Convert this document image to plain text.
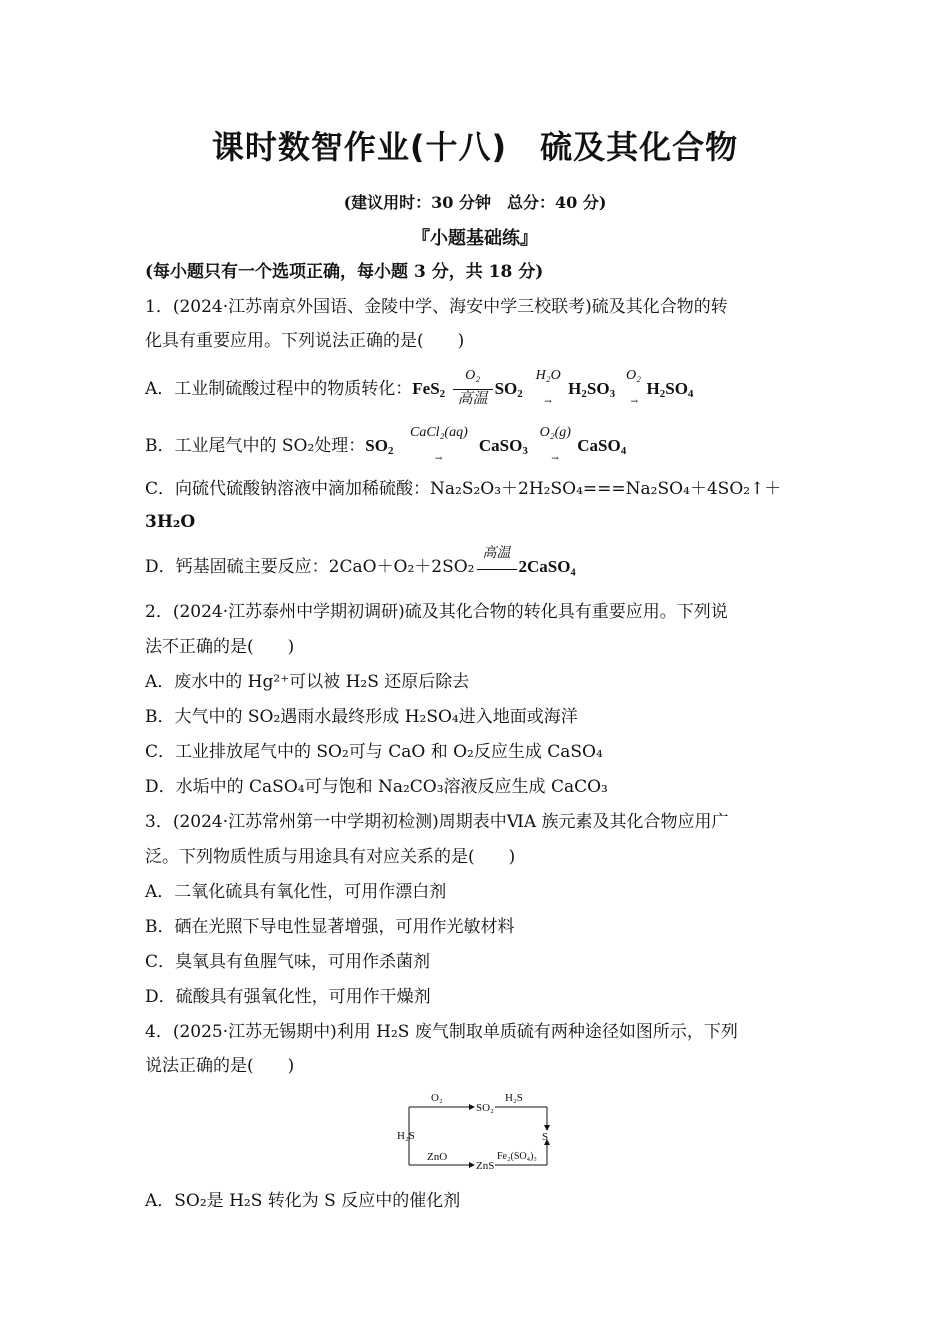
课时数智作业(十八)　硫及其化合物
(建议用时：30 分钟　总分：40 分)
『小题基础练』
(每小题只有一个选项正确，每小题 3 分，共 18 分)
1．(2024·江苏南京外国语、金陵中学、海安中学三校联考)硫及其化合物的转
化具有重要应用。下列说法正确的是(　　)
A．工业制硫酸过程中的物质转化：FeS$_2$
O₂
高温 $SO_2$
H₂O
→
$H_2SO_3$
O₂
→
$H_2SO_4$
B．工业尾气中的 SO₂处理：$SO_2$
CaCl₂(aq)
→
CaSO$_3$
O₂(g)
→
CaSO$_4$
C．向硫代硫酸钠溶液中滴加稀硫酸：Na₂S₂O₃＋2H₂SO₄===Na₂SO₄＋4SO₂↑＋
3H₂O
D．钙基固硫主要反应：2CaO＋O₂＋2SO₂
高温
2CaSO₄
2．(2024·江苏泰州中学期初调研)硫及其化合物的转化具有重要应用。下列说
法不正确的是(　　)
A．废水中的 Hg²⁺可以被 H₂S 还原后除去
B．大气中的 SO₂遇雨水最终形成 H₂SO₄进入地面或海洋
C．工业排放尾气中的 SO₂可与 CaO 和 O₂反应生成 CaSO₄
D．水垢中的 CaSO₄可与饱和 Na₂CO₃溶液反应生成 CaCO₃
3．(2024·江苏常州第一中学期初检测)周期表中ⅥA 族元素及其化合物应用广
泛。下列物质性质与用途具有对应关系的是(　　)
A．二氧化硫具有氧化性，可用作漂白剂
B．硒在光照下导电性显著增强，可用作光敏材料
C．臭氧具有鱼腥气味，可用作杀菌剂
D．硫酸具有强氧化性，可用作干燥剂
4．(2025·江苏无锡期中)利用 H₂S 废气制取单质硫有两种途径如图所示，下列
说法正确的是(　　)
H₂S
O₂
SO₂
H₂S
S
ZnO
ZnS
Fe₂(SO₄)₃
A．SO₂是 H₂S 转化为 S 反应中的催化剂
